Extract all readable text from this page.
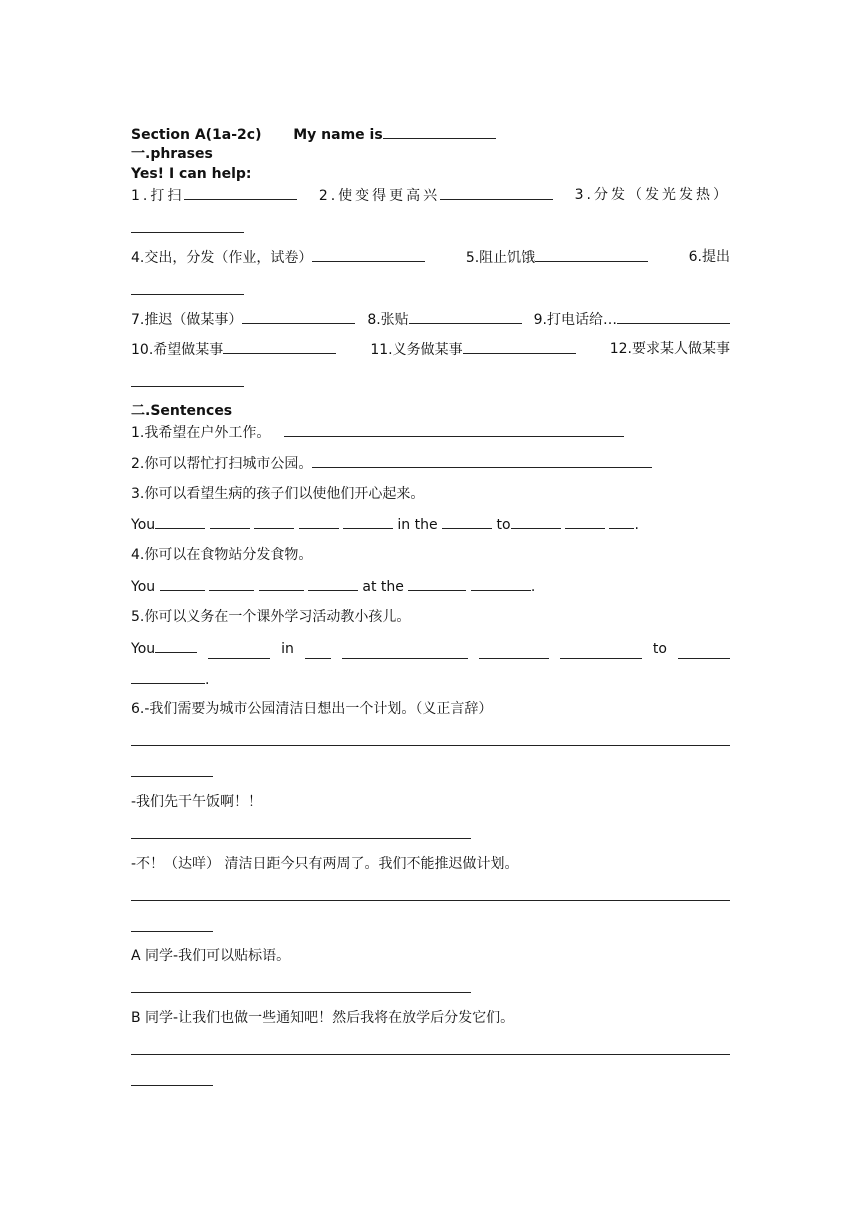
Section A(1a-2c) My name is
一.phrases
Yes! I can help:
1.打扫	2.使变得更高兴	3.分发（发光发热）
4.交出，分发（作业，试卷）	5.阻止饥饿	6.提出
7.推迟（做某事）	8.张贴	9.打电话给…
10.希望做某事	11.义务做某事	12.要求某人做某事
二.Sentences
1.我希望在户外工作。
2.你可以帮忙打扫城市公园。
3.你可以看望生病的孩子们以使他们开心起来。
You	in the	to	.
4.你可以在食物站分发食物。
You	at the	.
5.你可以义务在一个课外学习活动教小孩儿。
You	in	to
.
6.-我们需要为城市公园清洁日想出一个计划。（义正言辞）
-我们先干午饭啊！！
-不！（达咩） 清洁日距今只有两周了。我们不能推迟做计划。
A 同学-我们可以贴标语。
B 同学-让我们也做一些通知吧！然后我将在放学后分发它们。
